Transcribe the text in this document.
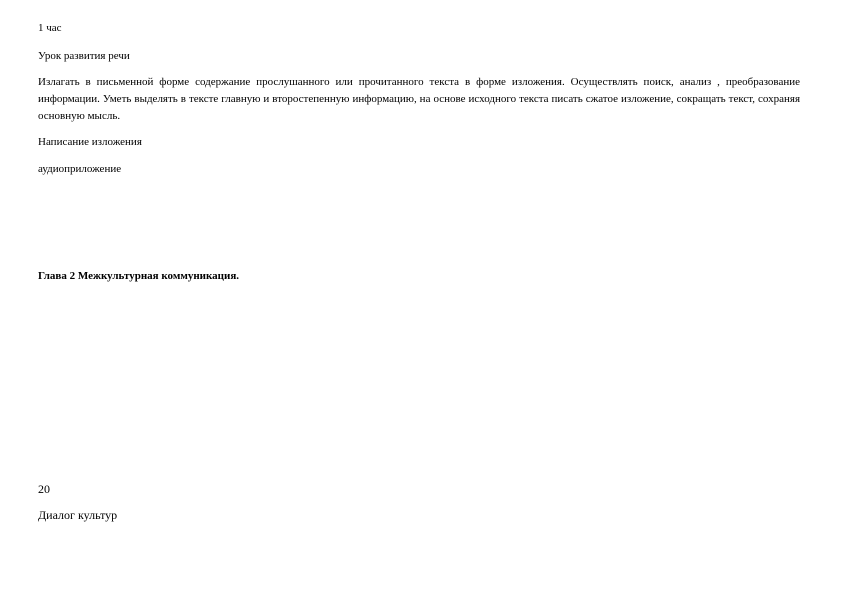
1 час
Урок развития речи
Излагать в письменной форме содержание прослушанного или прочитанного текста в форме изложения. Осуществлять поиск, анализ , преобразование информации. Уметь выделять в тексте главную и второстепенную информацию, на основе исходного текста писать сжатое изложение, сокращать текст, сохраняя основную мысль.
Написание изложения
аудиоприложение
Глава 2 Межкультурная коммуникация.
20
Диалог культур
